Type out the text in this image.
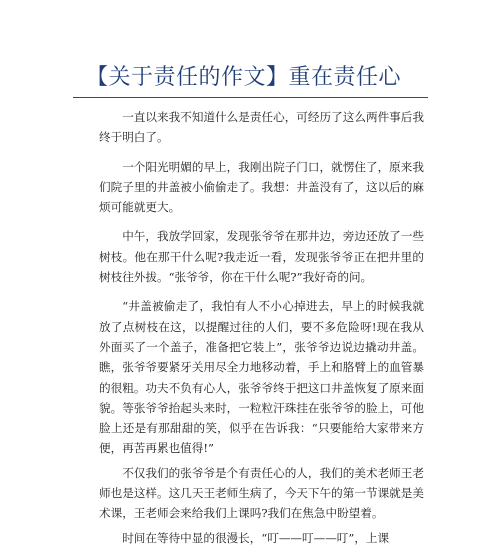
【关于责任的作文】重在责任心

一直以来我不知道什么是责任心，可经历了这么两件事后我终于明白了。

一个阳光明媚的早上，我刚出院子门口，就愣住了，原来我们院子里的井盖被小偷偷走了。我想：井盖没有了，这以后的麻烦可能就更大。

中午，我放学回家，发现张爷爷在那井边，旁边还放了一些树枝。他在那干什么呢?我走近一看，发现张爷爷正在把井里的树枝往外拔。“张爷爷，你在干什么呢?”我好奇的问。

“井盖被偷走了，我怕有人不小心掉进去，早上的时候我就放了点树枝在这，以提醒过往的人们，要不多危险呀!现在我从外面买了一个盖子，准备把它装上”，张爷爷边说边撬动井盖。瞧，张爷爷要紧牙关用尽全力地移动着，手上和胳臂上的血管暴的很粗。功夫不负有心人，张爷爷终于把这口井盖恢复了原来面貌。等张爷爷抬起头来时，一粒粒汗珠挂在张爷爷的脸上，可他脸上还是有那甜甜的笑，似乎在告诉我：“只要能给大家带来方便，再苦再累也值得!”

不仅我们的张爷爷是个有责任心的人，我们的美术老师王老师也是这样。这几天王老师生病了，今天下午的第一节课就是美术课，王老师会来给我们上课吗?我们在焦急中盼望着。

时间在等待中显的很漫长，“叮——叮——叮”，上课
